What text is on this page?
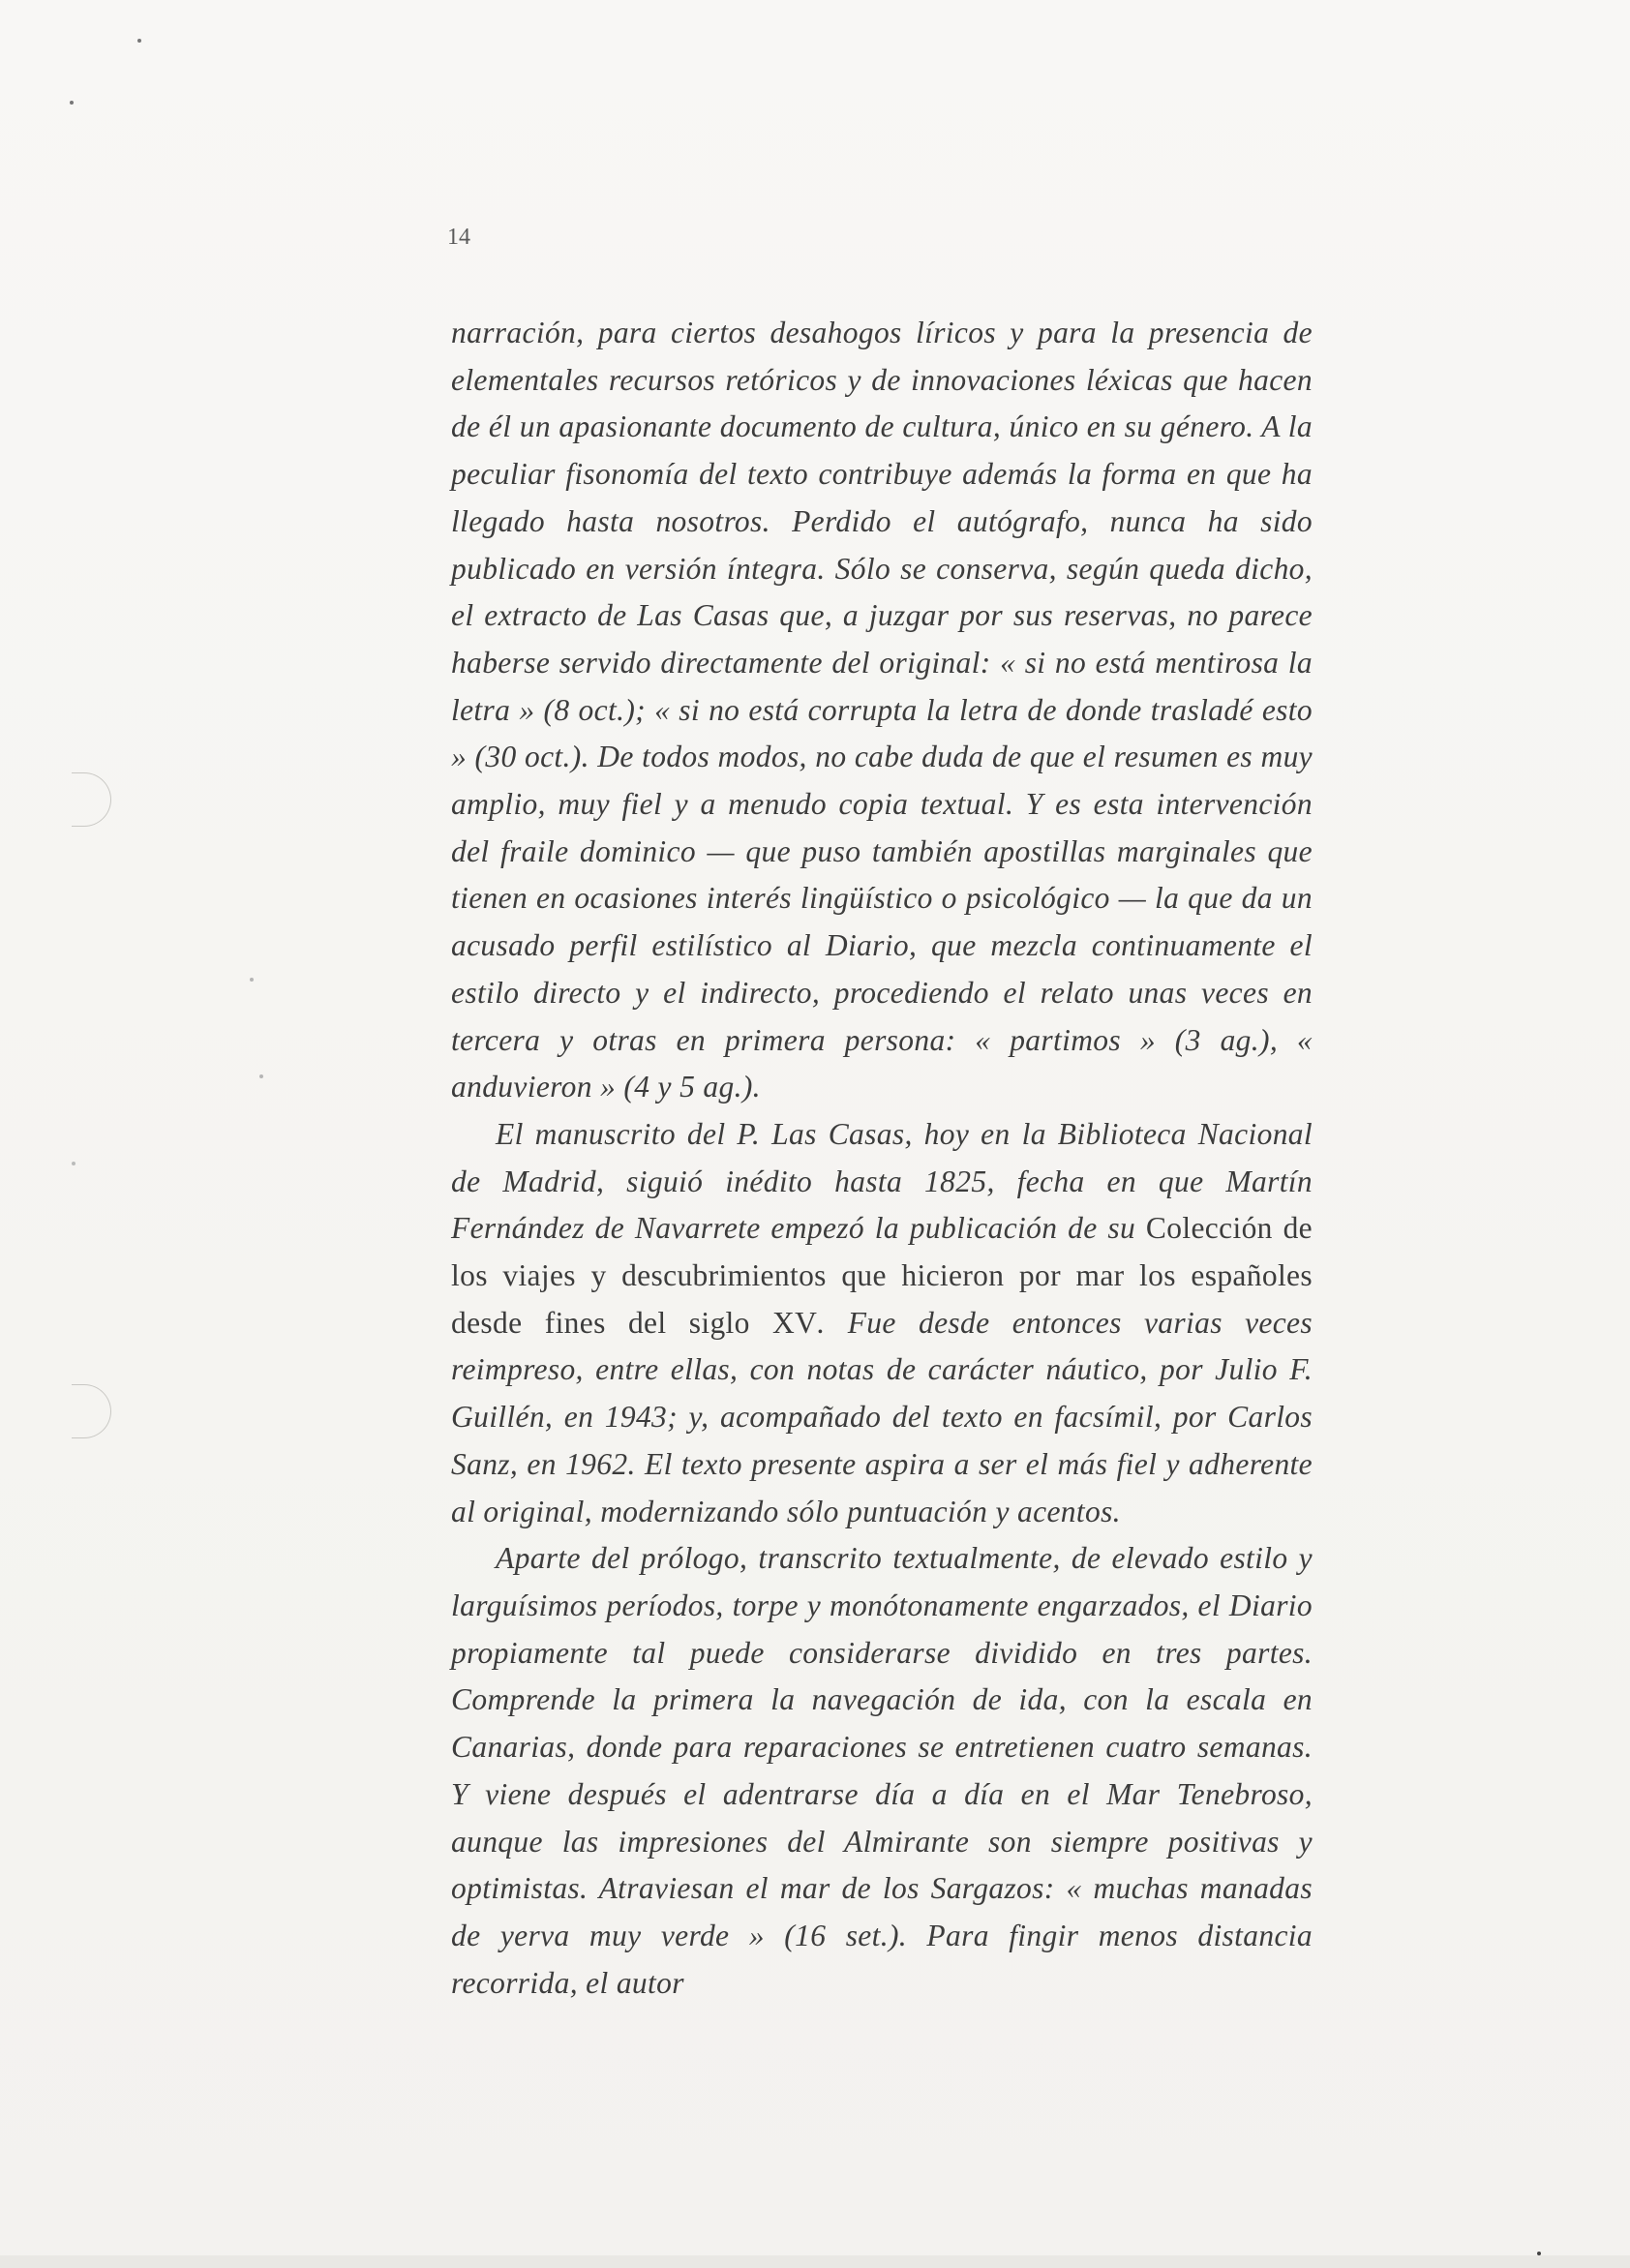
14

narración, para ciertos desahogos líricos y para la presencia de elementales recursos retóricos y de innovaciones léxicas que hacen de él un apasionante documento de cultura, único en su género. A la peculiar fisonomía del texto contribuye además la forma en que ha llegado hasta nosotros. Perdido el autógrafo, nunca ha sido publicado en versión íntegra. Sólo se conserva, según queda dicho, el extracto de Las Casas que, a juzgar por sus reservas, no parece haberse servido directamente del original: « si no está mentirosa la letra » (8 oct.); « si no está corrupta la letra de donde trasladé esto » (30 oct.). De todos modos, no cabe duda de que el resumen es muy amplio, muy fiel y a menudo copia textual. Y es esta intervención del fraile dominico — que puso también apostillas marginales que tienen en ocasiones interés lingüístico o psicológico — la que da un acusado perfil estilístico al Diario, que mezcla continuamente el estilo directo y el indirecto, procediendo el relato unas veces en tercera y otras en primera persona: « partimos » (3 ag.), « anduvieron » (4 y 5 ag.).

El manuscrito del P. Las Casas, hoy en la Biblioteca Nacional de Madrid, siguió inédito hasta 1825, fecha en que Martín Fernández de Navarrete empezó la publicación de su Colección de los viajes y descubrimientos que hicieron por mar los españoles desde fines del siglo XV. Fue desde entonces varias veces reimpreso, entre ellas, con notas de carácter náutico, por Julio F. Guillén, en 1943; y, acompañado del texto en facsímil, por Carlos Sanz, en 1962. El texto presente aspira a ser el más fiel y adherente al original, modernizando sólo puntuación y acentos.

Aparte del prólogo, transcrito textualmente, de elevado estilo y larguísimos períodos, torpe y monótonamente engarzados, el Diario propiamente tal puede considerarse dividido en tres partes. Comprende la primera la navegación de ida, con la escala en Canarias, donde para reparaciones se entretienen cuatro semanas. Y viene después el adentrarse día a día en el Mar Tenebroso, aunque las impresiones del Almirante son siempre positivas y optimistas. Atraviesan el mar de los Sargazos: « muchas manadas de yerva muy verde » (16 set.). Para fingir menos distancia recorrida, el autor
